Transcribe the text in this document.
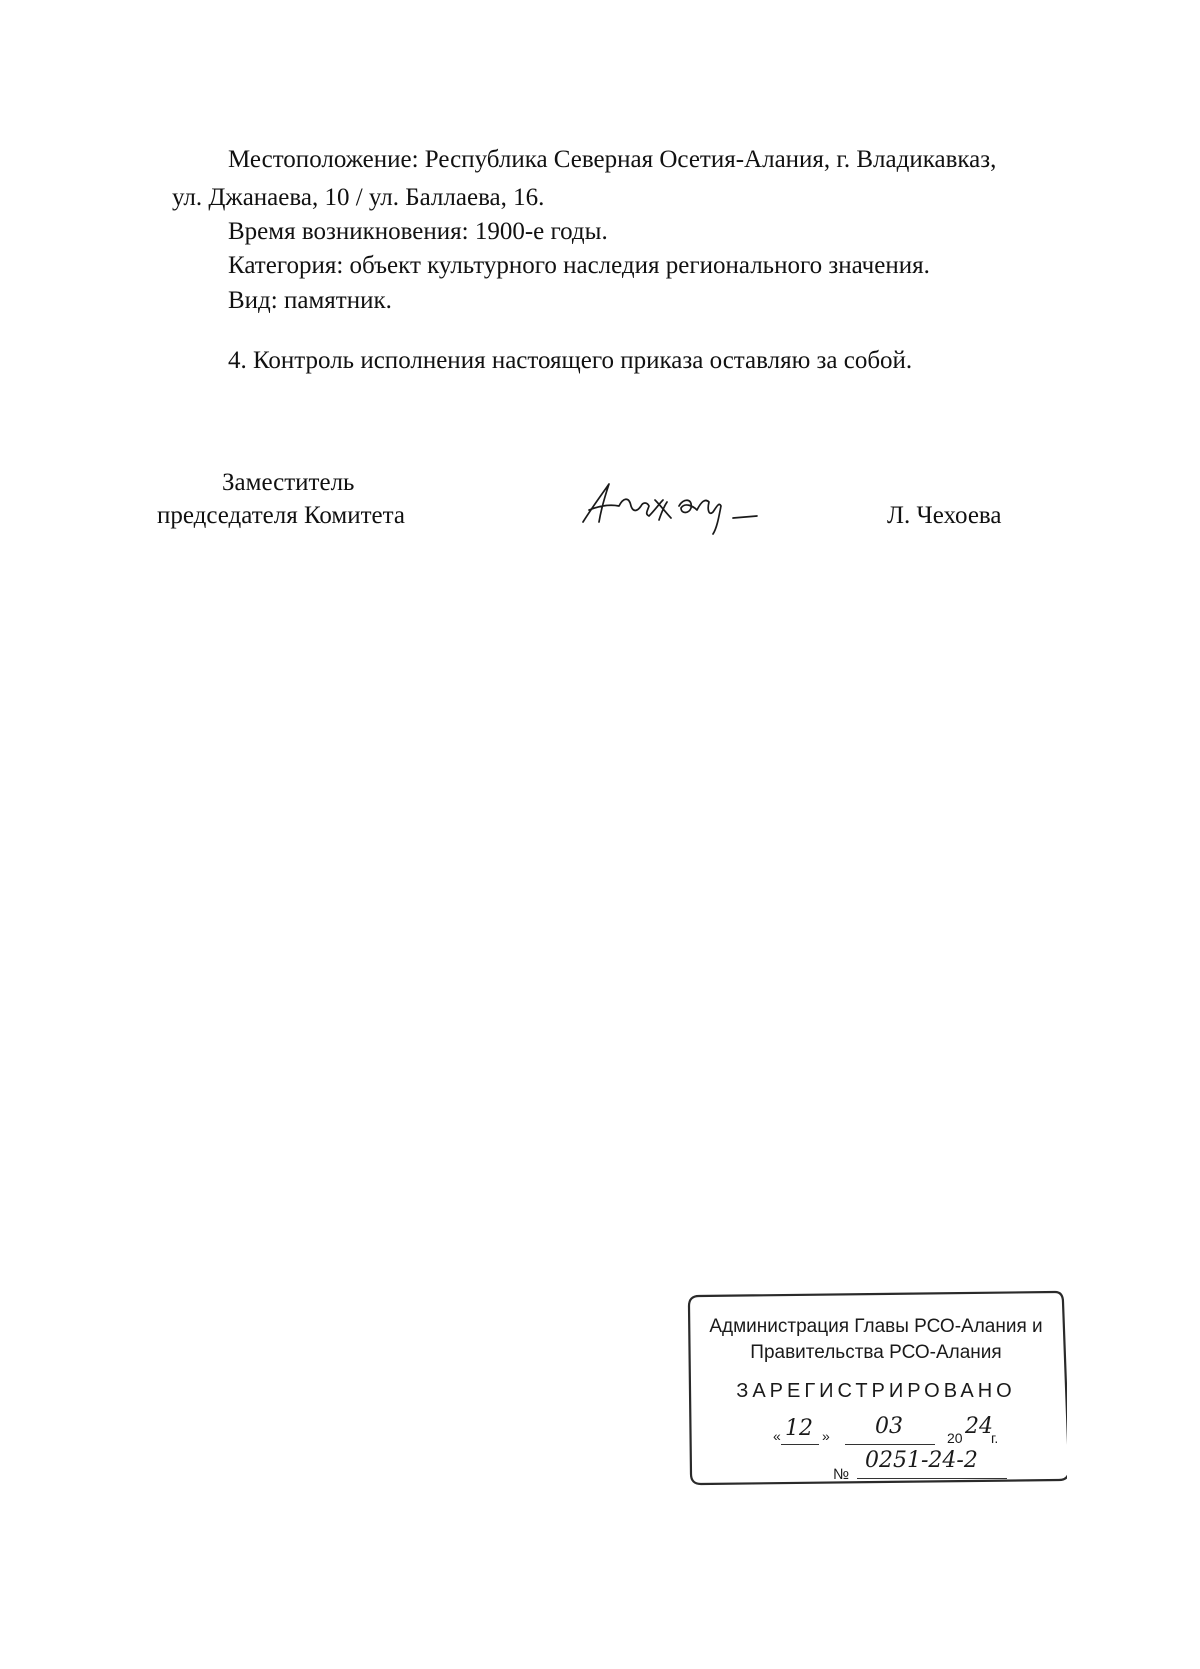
Местоположение: Республика Северная Осетия-Алания, г. Владикавказ,
ул. Джанаева, 10 / ул. Баллаева, 16.
Время возникновения: 1900-е годы.
Категория: объект культурного наследия регионального значения.
Вид: памятник.
4. Контроль исполнения настоящего приказа оставляю за собой.
Заместитель
председателя Комитета	Л. Чехоева
Администрация Главы РСО-Алания и
Правительства РСО-Алания
ЗАРЕГИСТРИРОВАНО
« 12 » 03	20 24
г.
№
0251-24-2
